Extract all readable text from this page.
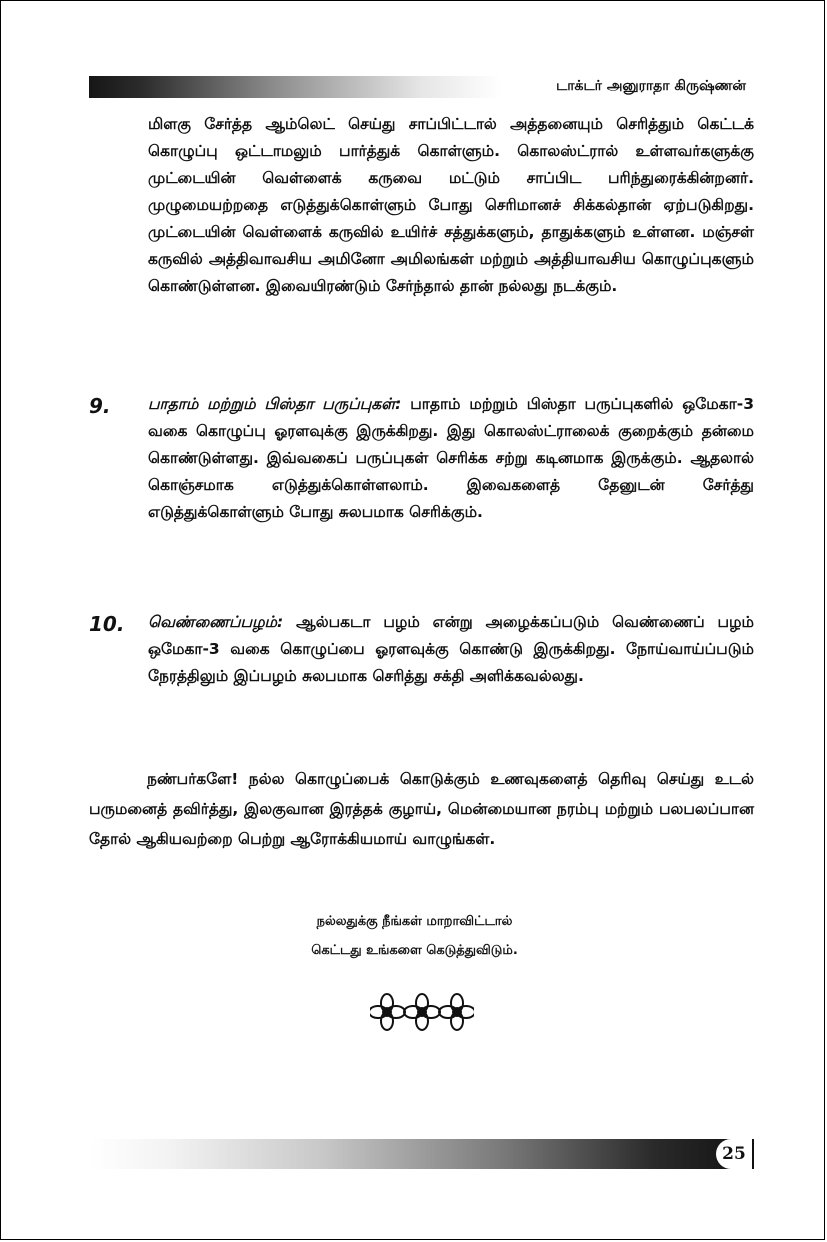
டாக்டர் அனுராதா கிருஷ்ணன்

மிளகு சேர்த்த ஆம்லெட் செய்து சாப்பிட்டால் அத்தனையும் செரித்தும் கெட்டக் கொழுப்பு ஒட்டாமலும் பார்த்துக் கொள்ளும். கொலஸ்ட்ரால் உள்ளவர்களுக்கு முட்டையின் வெள்ளைக் கருவை மட்டும் சாப்பிட பரிந்துரைக்கின்றனர். முழுமையற்றதை எடுத்துக்கொள்ளும் போது செரிமானச் சிக்கல்தான் ஏற்படுகிறது. முட்டையின் வெள்ளைக் கருவில் உயிர்ச் சத்துக்களும், தாதுக்களும் உள்ளன. மஞ்சள் கருவில் அத்திவாவசிய அமினோ அமிலங்கள் மற்றும் அத்தியாவசிய கொழுப்புகளும் கொண்டுள்ளன. இவையிரண்டும் சேர்ந்தால் தான் நல்லது நடக்கும்.

9. பாதாம் மற்றும் பிஸ்தா பருப்புகள்: பாதாம் மற்றும் பிஸ்தா பருப்புகளில் ஒமேகா-3 வகை கொழுப்பு ஓரளவுக்கு இருக்கிறது. இது கொலஸ்ட்ராலைக் குறைக்கும் தன்மை கொண்டுள்ளது. இவ்வகைப் பருப்புகள் செரிக்க சற்று கடினமாக இருக்கும். ஆதலால் கொஞ்சமாக எடுத்துக்கொள்ளலாம். இவைகளைத் தேனுடன் சேர்த்து எடுத்துக்கொள்ளும் போது சுலபமாக செரிக்கும்.

10. வெண்ணைப்பழம்: ஆல்பகடா பழம் என்று அழைக்கப்படும் வெண்ணைப் பழம் ஒமேகா-3 வகை கொழுப்பை ஓரளவுக்கு கொண்டு இருக்கிறது. நோய்வாய்ப்படும் நேரத்திலும் இப்பழம் சுலபமாக செரித்து சக்தி அளிக்கவல்லது.

நண்பர்களே! நல்ல கொழுப்பைக் கொடுக்கும் உணவுகளைத் தெரிவு செய்து உடல் பருமனைத் தவிர்த்து, இலகுவான இரத்தக் குழாய், மென்மையான நரம்பு மற்றும் பலபலப்பான தோல் ஆகியவற்றை பெற்று ஆரோக்கியமாய் வாழுங்கள்.

நல்லதுக்கு நீங்கள் மாறாவிட்டால்
கெட்டது உங்களை கெடுத்துவிடும்.
25
